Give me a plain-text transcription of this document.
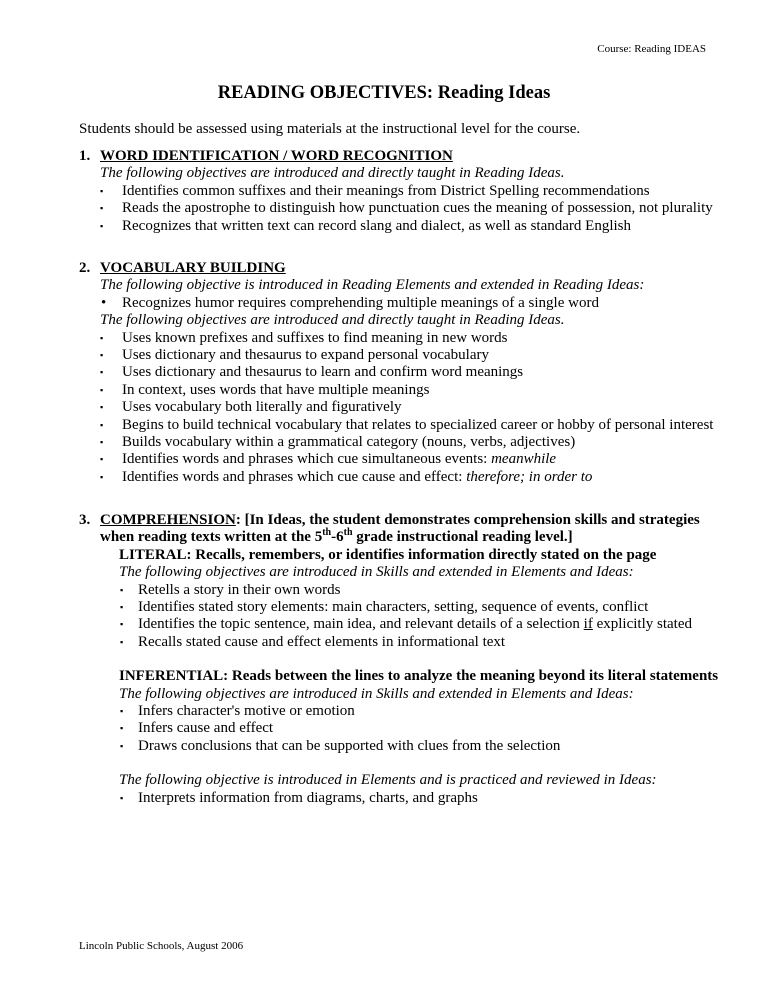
Course: Reading IDEAS
READING OBJECTIVES: Reading Ideas
Students should be assessed using materials at the instructional level for the course.
1. WORD IDENTIFICATION / WORD RECOGNITION
The following objectives are introduced and directly taught in Reading Ideas.
▪ Identifies common suffixes and their meanings from District Spelling recommendations
▪ Reads the apostrophe to distinguish how punctuation cues the meaning of possession, not plurality
▪ Recognizes that written text can record slang and dialect, as well as standard English
2. VOCABULARY BUILDING
The following objective is introduced in Reading Elements and extended in Reading Ideas:
• Recognizes humor requires comprehending multiple meanings of a single word
The following objectives are introduced and directly taught in Reading Ideas.
▪ Uses known prefixes and suffixes to find meaning in new words
▪ Uses dictionary and thesaurus to expand personal vocabulary
▪ Uses dictionary and thesaurus to learn and confirm word meanings
▪ In context, uses words that have multiple meanings
▪ Uses vocabulary both literally and figuratively
▪ Begins to build technical vocabulary that relates to specialized career or hobby of personal interest
▪ Builds vocabulary within a grammatical category (nouns, verbs, adjectives)
▪ Identifies words and phrases which cue simultaneous events: meanwhile
▪ Identifies words and phrases which cue cause and effect: therefore; in order to
3. COMPREHENSION: [In Ideas, the student demonstrates comprehension skills and strategies when reading texts written at the 5th-6th grade instructional reading level.]
LITERAL: Recalls, remembers, or identifies information directly stated on the page
The following objectives are introduced in Skills and extended in Elements and Ideas:
▪ Retells a story in their own words
▪ Identifies stated story elements: main characters, setting, sequence of events, conflict
▪ Identifies the topic sentence, main idea, and relevant details of a selection if explicitly stated
▪ Recalls stated cause and effect elements in informational text
INFERENTIAL: Reads between the lines to analyze the meaning beyond its literal statements
The following objectives are introduced in Skills and extended in Elements and Ideas:
▪ Infers character's motive or emotion
▪ Infers cause and effect
▪ Draws conclusions that can be supported with clues from the selection
The following objective is introduced in Elements and is practiced and reviewed in Ideas:
▪ Interprets information from diagrams, charts, and graphs
Lincoln Public Schools, August 2006
